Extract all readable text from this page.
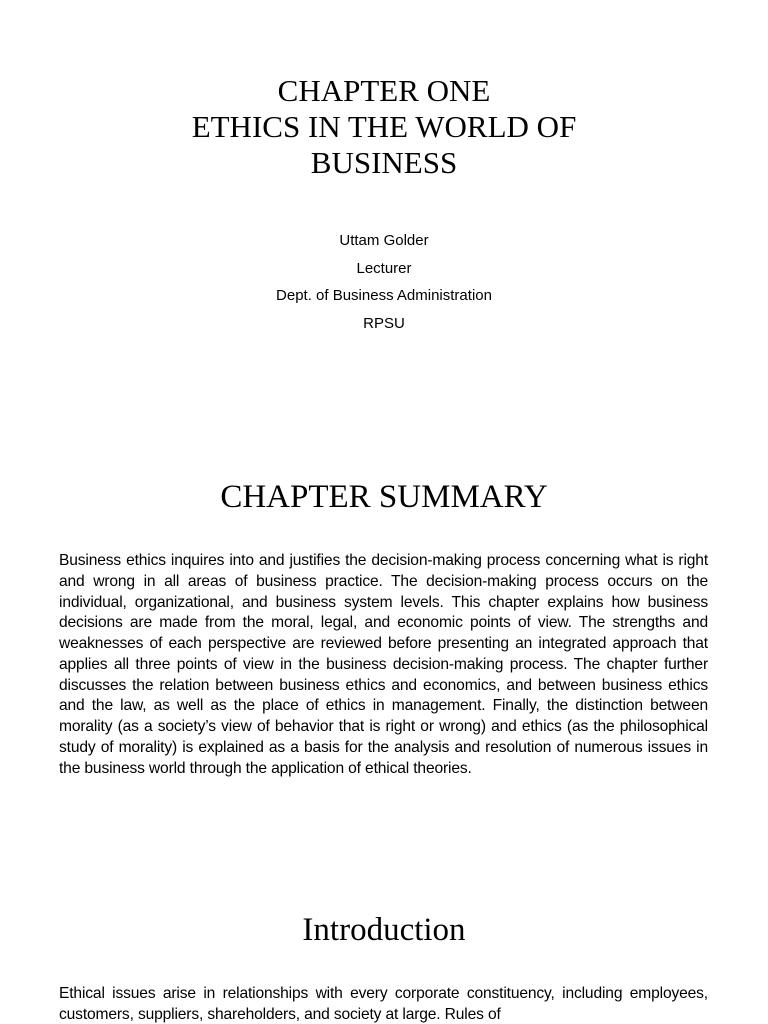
CHAPTER ONE
ETHICS IN THE WORLD OF
BUSINESS
Uttam Golder
Lecturer
Dept. of Business Administration
RPSU
CHAPTER SUMMARY

Business ethics inquires into and justifies the decision-making process concerning what is right and wrong in all areas of business practice. The decision-making process occurs on the individual, organizational, and business system levels. This chapter explains how business decisions are made from the moral, legal, and economic points of view. The strengths and weaknesses of each perspective are reviewed before presenting an integrated approach that applies all three points of view in the business decision-making process. The chapter further discusses the relation between business ethics and economics, and between business ethics and the law, as well as the place of ethics in management. Finally, the distinction between morality (as a society’s view of behavior that is right or wrong) and ethics (as the philosophical study of morality) is explained as a basis for the analysis and resolution of numerous issues in the business world through the application of ethical theories.

Introduction

Ethical issues arise in relationships with every corporate constituency, including employees, customers, suppliers, shareholders, and society at large. Rules of
